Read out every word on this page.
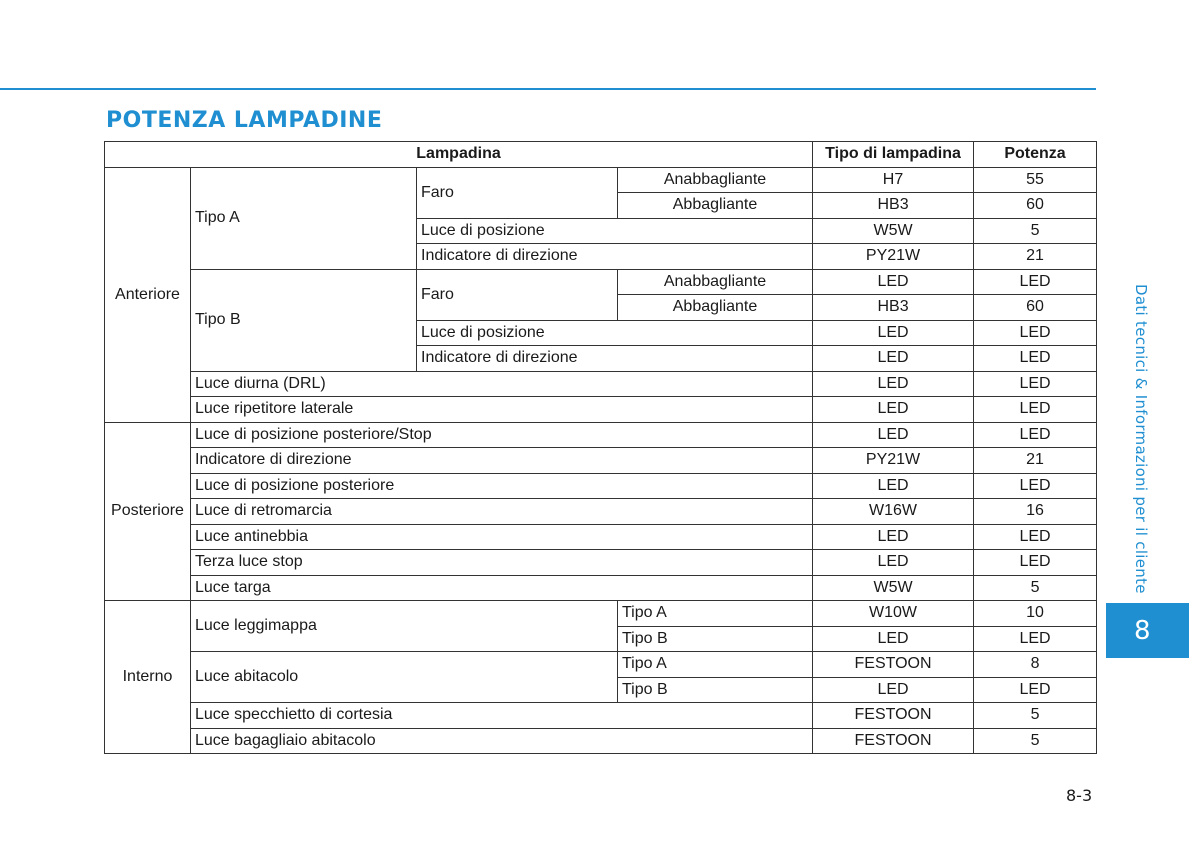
POTENZA LAMPADINE
Lampadina				Tipo di lampadina	Potenza
Anteriore	Tipo A	Faro	Anabbagliante	H7	55
			Abbagliante	HB3	60
		Luce di posizione		W5W	5
		Indicatore di direzione		PY21W	21
	Tipo B	Faro	Anabbagliante	LED	LED
			Abbagliante	HB3	60
		Luce di posizione		LED	LED
		Indicatore di direzione		LED	LED
	Luce diurna (DRL)			LED	LED
	Luce ripetitore laterale			LED	LED
Posteriore	Luce di posizione posteriore/Stop			LED	LED
	Indicatore di direzione			PY21W	21
	Luce di posizione posteriore			LED	LED
	Luce di retromarcia			W16W	16
	Luce antinebbia			LED	LED
	Terza luce stop			LED	LED
	Luce targa			W5W	5
Interno	Luce leggimappa		Tipo A	W10W	10
			Tipo B	LED	LED
	Luce abitacolo		Tipo A	FESTOON	8
			Tipo B	LED	LED
	Luce specchietto di cortesia			FESTOON	5
	Luce bagagliaio abitacolo			FESTOON	5
Dati tecnici & Informazioni per il cliente
8
8-3
